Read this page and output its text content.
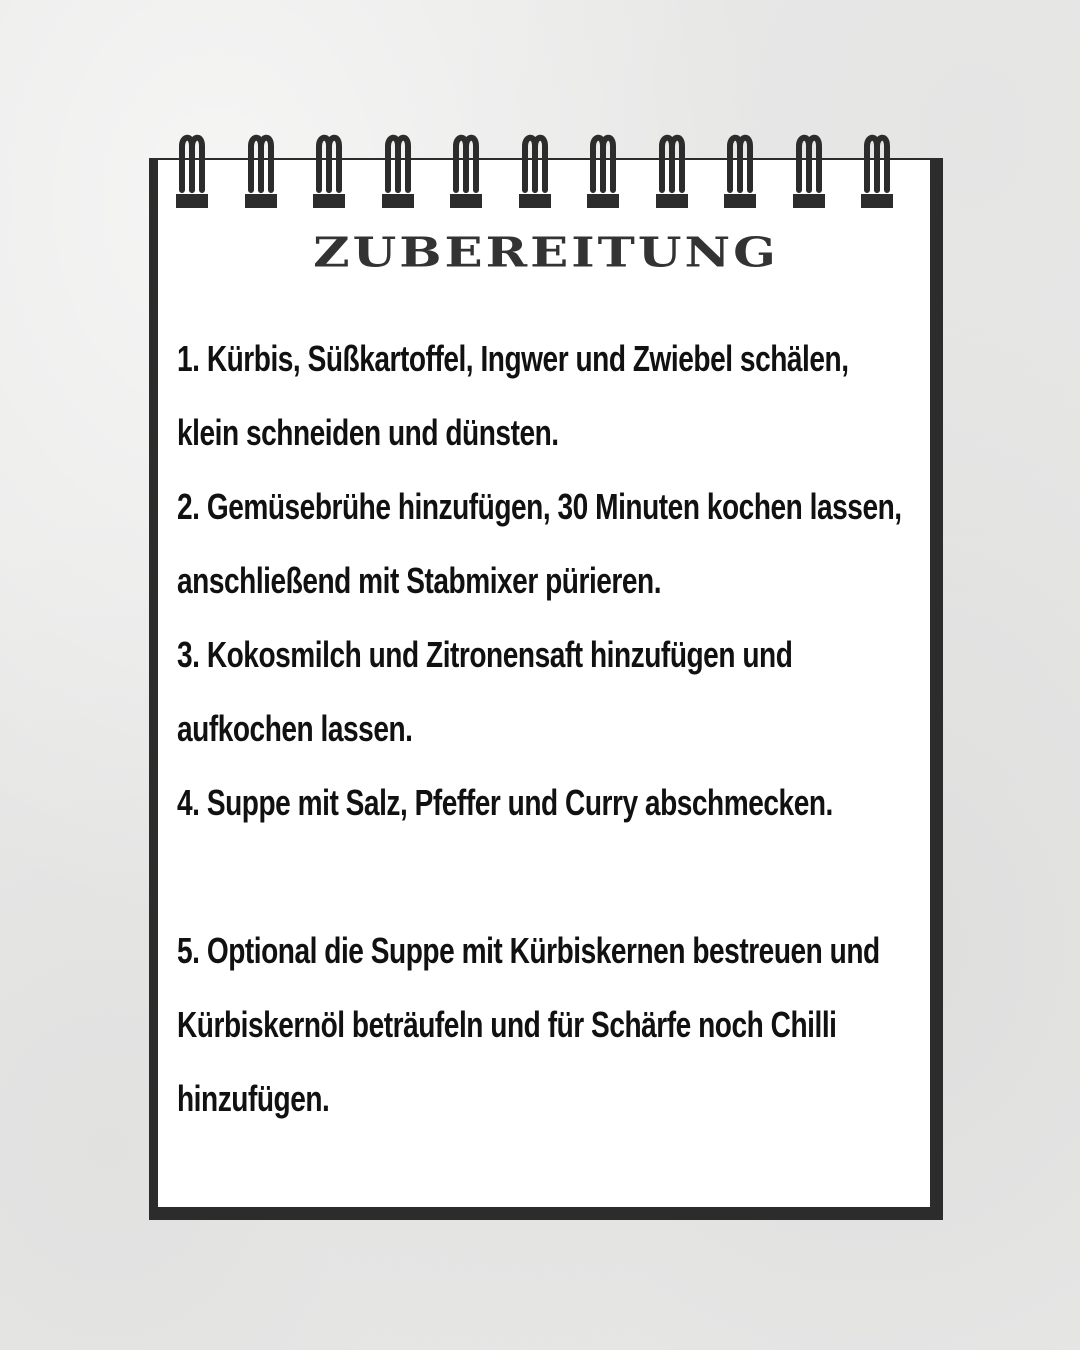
ZUBEREITUNG
1. Kürbis, Süßkartoffel, Ingwer und Zwiebel schälen, klein schneiden und dünsten.
2. Gemüsebrühe hinzufügen, 30 Minuten kochen lassen, anschließend mit Stabmixer pürieren.
3. Kokosmilch und Zitronensaft hinzufügen und aufkochen lassen.
4. Suppe mit Salz, Pfeffer und Curry abschmecken.
5. Optional die Suppe mit Kürbiskernen bestreuen und Kürbiskernöl beträufeln und für Schärfe noch Chilli hinzufügen.
